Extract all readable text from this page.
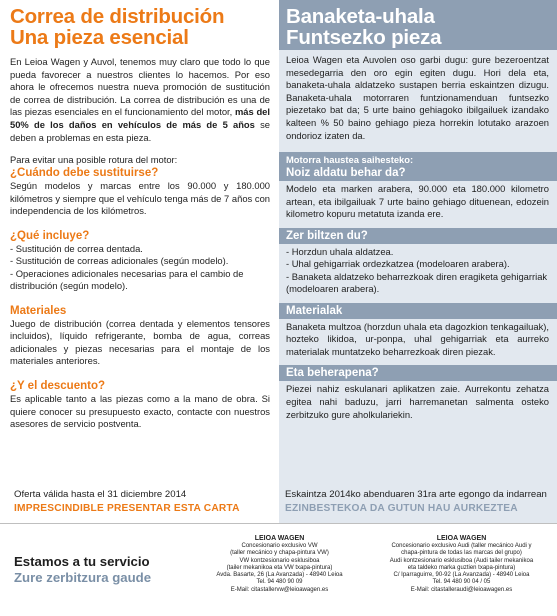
Correa de distribución
Una pieza esencial

En Leioa Wagen y Auvol, tenemos muy claro que todo lo que pueda favorecer a nuestros clientes lo hacemos. Por eso ahora le ofrecemos nuestra nueva promoción de sustitución de correa de distribución. La correa de distribución es una de las piezas esenciales en el funcionamiento del motor, más del 50% de los daños en vehículos de más de 5 años se deben a problemas en esta pieza.

Para evitar una posible rotura del motor:
¿Cuándo debe sustituirse?

Según modelos y marcas entre los 90.000 y 180.000 kilómetros y siempre que el vehículo tenga más de 7 años con independencia de los kilómetros.

¿Qué incluye?
- Sustitución de correa dentada.
- Sustitución de correas adicionales (según modelo).
- Operaciones adicionales necesarias para el cambio de distribución (según modelo).
Materiales

Juego de distribución (correa dentada y elementos tensores incluidos), líquido refrigerante, bomba de agua, correas adicionales y piezas necesarias para el montaje de los materiales anteriores.

¿Y el descuento?

Es aplicable tanto a las piezas como a la mano de obra. Si quiere conocer su presupuesto exacto, contacte con nuestros asesores de servicio postventa.

Banaketa-uhala
Funtsezko pieza

Leioa Wagen eta Auvolen oso garbi dugu: gure bezeroentzat mesedegarria den oro egin egiten dugu. Hori dela eta, banaketa-uhala aldatzeko sustapen berria eskaintzen dizugu. Banaketa-uhala motorraren funtzionamenduan funtsezko piezetako bat da; 5 urte baino gehiagoko ibilgailuek izandako kalteen % 50 baino gehiago pieza horrekin lotutako arazoen ondorioz izaten da.

Motorra hausteа saihesteko:
Noiz aldatu behar da?

Modelo eta marken arabera, 90.000 eta 180.000 kilometro artean, eta ibilgailuak 7 urte baino gehiago dituenean, edozein kilometro kopuru metatuta izanda ere.

Zer biltzen du?
- Horzdun uhala aldatzea.
- Uhal gehigarriak ordezkatzea (modeloaren arabera).
- Banaketa aldatzeko beharrezkoak diren eragiketa gehigarriak (modeloaren arabera).
Materialak

Banaketa multzoa (horzdun uhala eta dagozkion tenkagailuak), hozteko likidoa, ur-ponpa, uhal gehigarriak eta aurreko materialak muntatzeko beharrezkoak diren piezak.

Eta beherapena?

Piezei nahiz eskulanari aplikatzen zaie. Aurrekontu zehatza egitea nahi baduzu, jarri harremanetan salmenta osteko zerbitzuko gure aholkulariekin.

Oferta válida hasta el 31 diciembre 2014
IMPRESCINDIBLE PRESENTAR ESTA CARTA
Eskaintza 2014ko abenduaren 31ra arte egongo da indarrean
EZINBESTEKOA DA GUTUN HAU AURKEZTEA
Estamos a tu servicio
Zure zerbitzura gaude
LEIOA WAGEN
Concesionario exclusivo VW
(taller mecánico y chapa-pintura VW)
VW kontzesionario esklusiboa
(tailer mekanikoa eta VW txapa-pintura)
Avda. Basarte, 26 (La Avanzada) - 48940 Leioa
Tel. 94 480 90 09
E-Mail: citastallervw@leioawagen.es
LEIOA WAGEN
Concesionario exclusivo Audi (taller mecánico Audi y
chapa-pintura de todas las marcas del grupo)
Audi kontzesionario esklusiboa (Audi tailer mekanikoa
eta taldeko marka guztien txapa-pintura)
C/ Iparraguirre, 90-92 (La Avanzada) - 48940 Leioa
Tel. 94 480 90 04 / 05
E-Mail: citastalleraudi@leioawagen.es
